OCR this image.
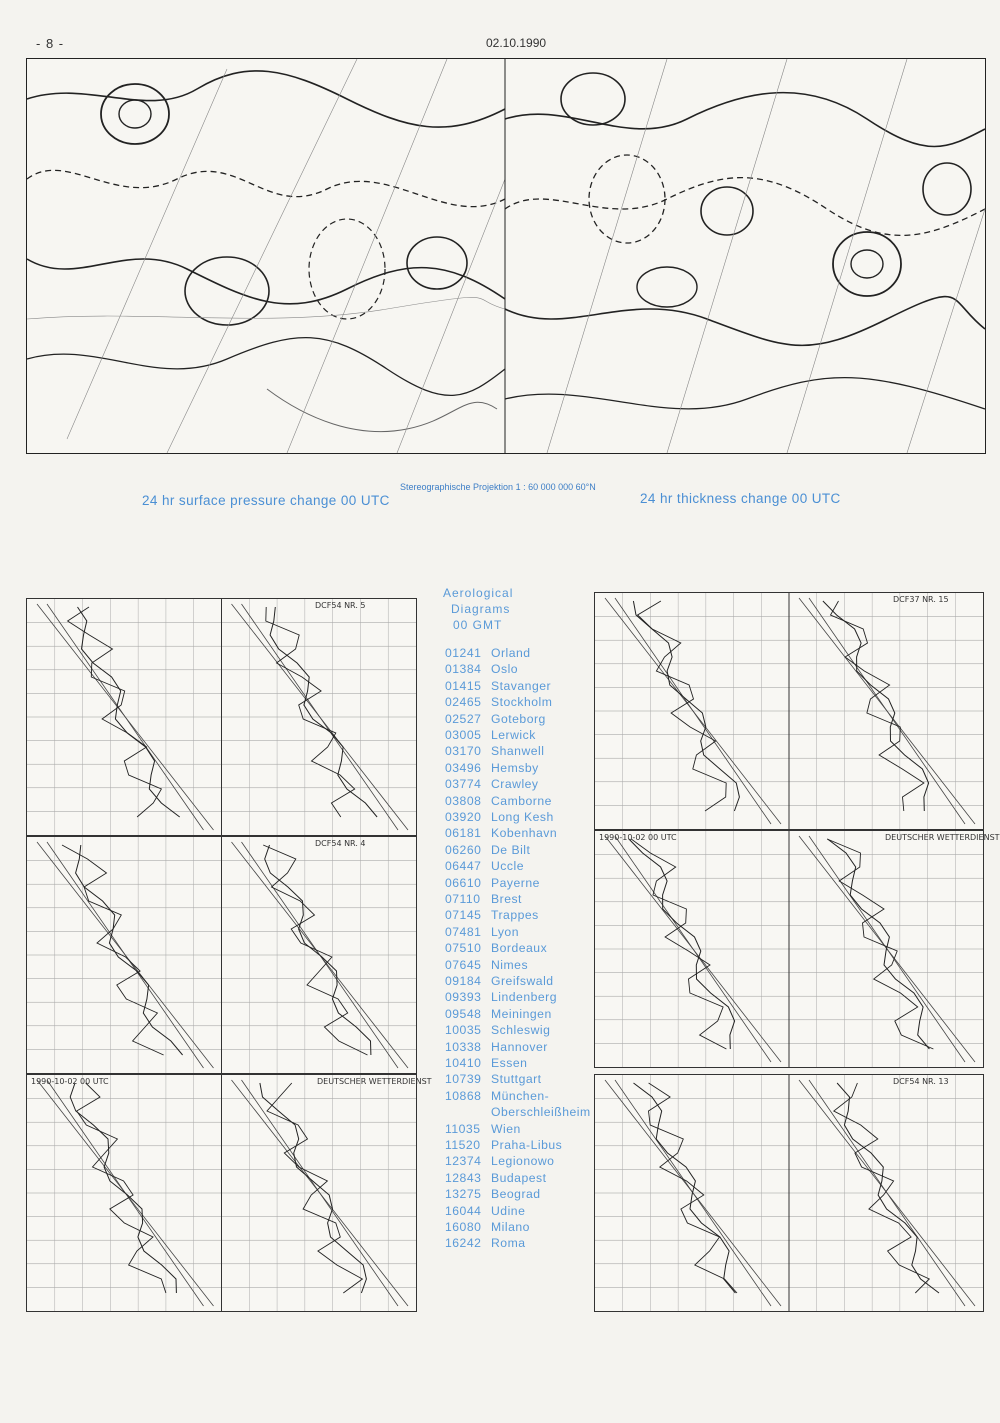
- 8 -	02.10.1990
Stereographische Projektion 1 : 60 000 000 60°N
24 hr surface pressure change 00 UTC	24 hr thickness change 00 UTC
DCF54 NR. 5
DCF54 NR. 4
1990-10-02 00 UTC	DEUTSCHER WETTERDIENST
Aerological
Diagrams
00 GMT
01241 Orland
01384 Oslo
01415 Stavanger
02465 Stockholm
02527 Goteborg
03005 Lerwick
03170 Shanwell
03496 Hemsby
03774 Crawley
03808 Camborne
03920 Long Kesh
06181 Kobenhavn
06260 De Bilt
06447 Uccle
06610 Payerne
07110 Brest
07145 Trappes
07481 Lyon
07510 Bordeaux
07645 Nimes
09184 Greifswald
09393 Lindenberg
09548 Meiningen
10035 Schleswig
10338 Hannover
10410 Essen
10739 Stuttgart
10868 München-
Oberschleißheim
11035 Wien
11520 Praha-Libus
12374 Legionowo
12843 Budapest
13275 Beograd
16044 Udine
16080 Milano
16242 Roma
DCF37 NR. 15
1990-10-02 00 UTC	DEUTSCHER WETTERDIENST
DCF54 NR. 13
